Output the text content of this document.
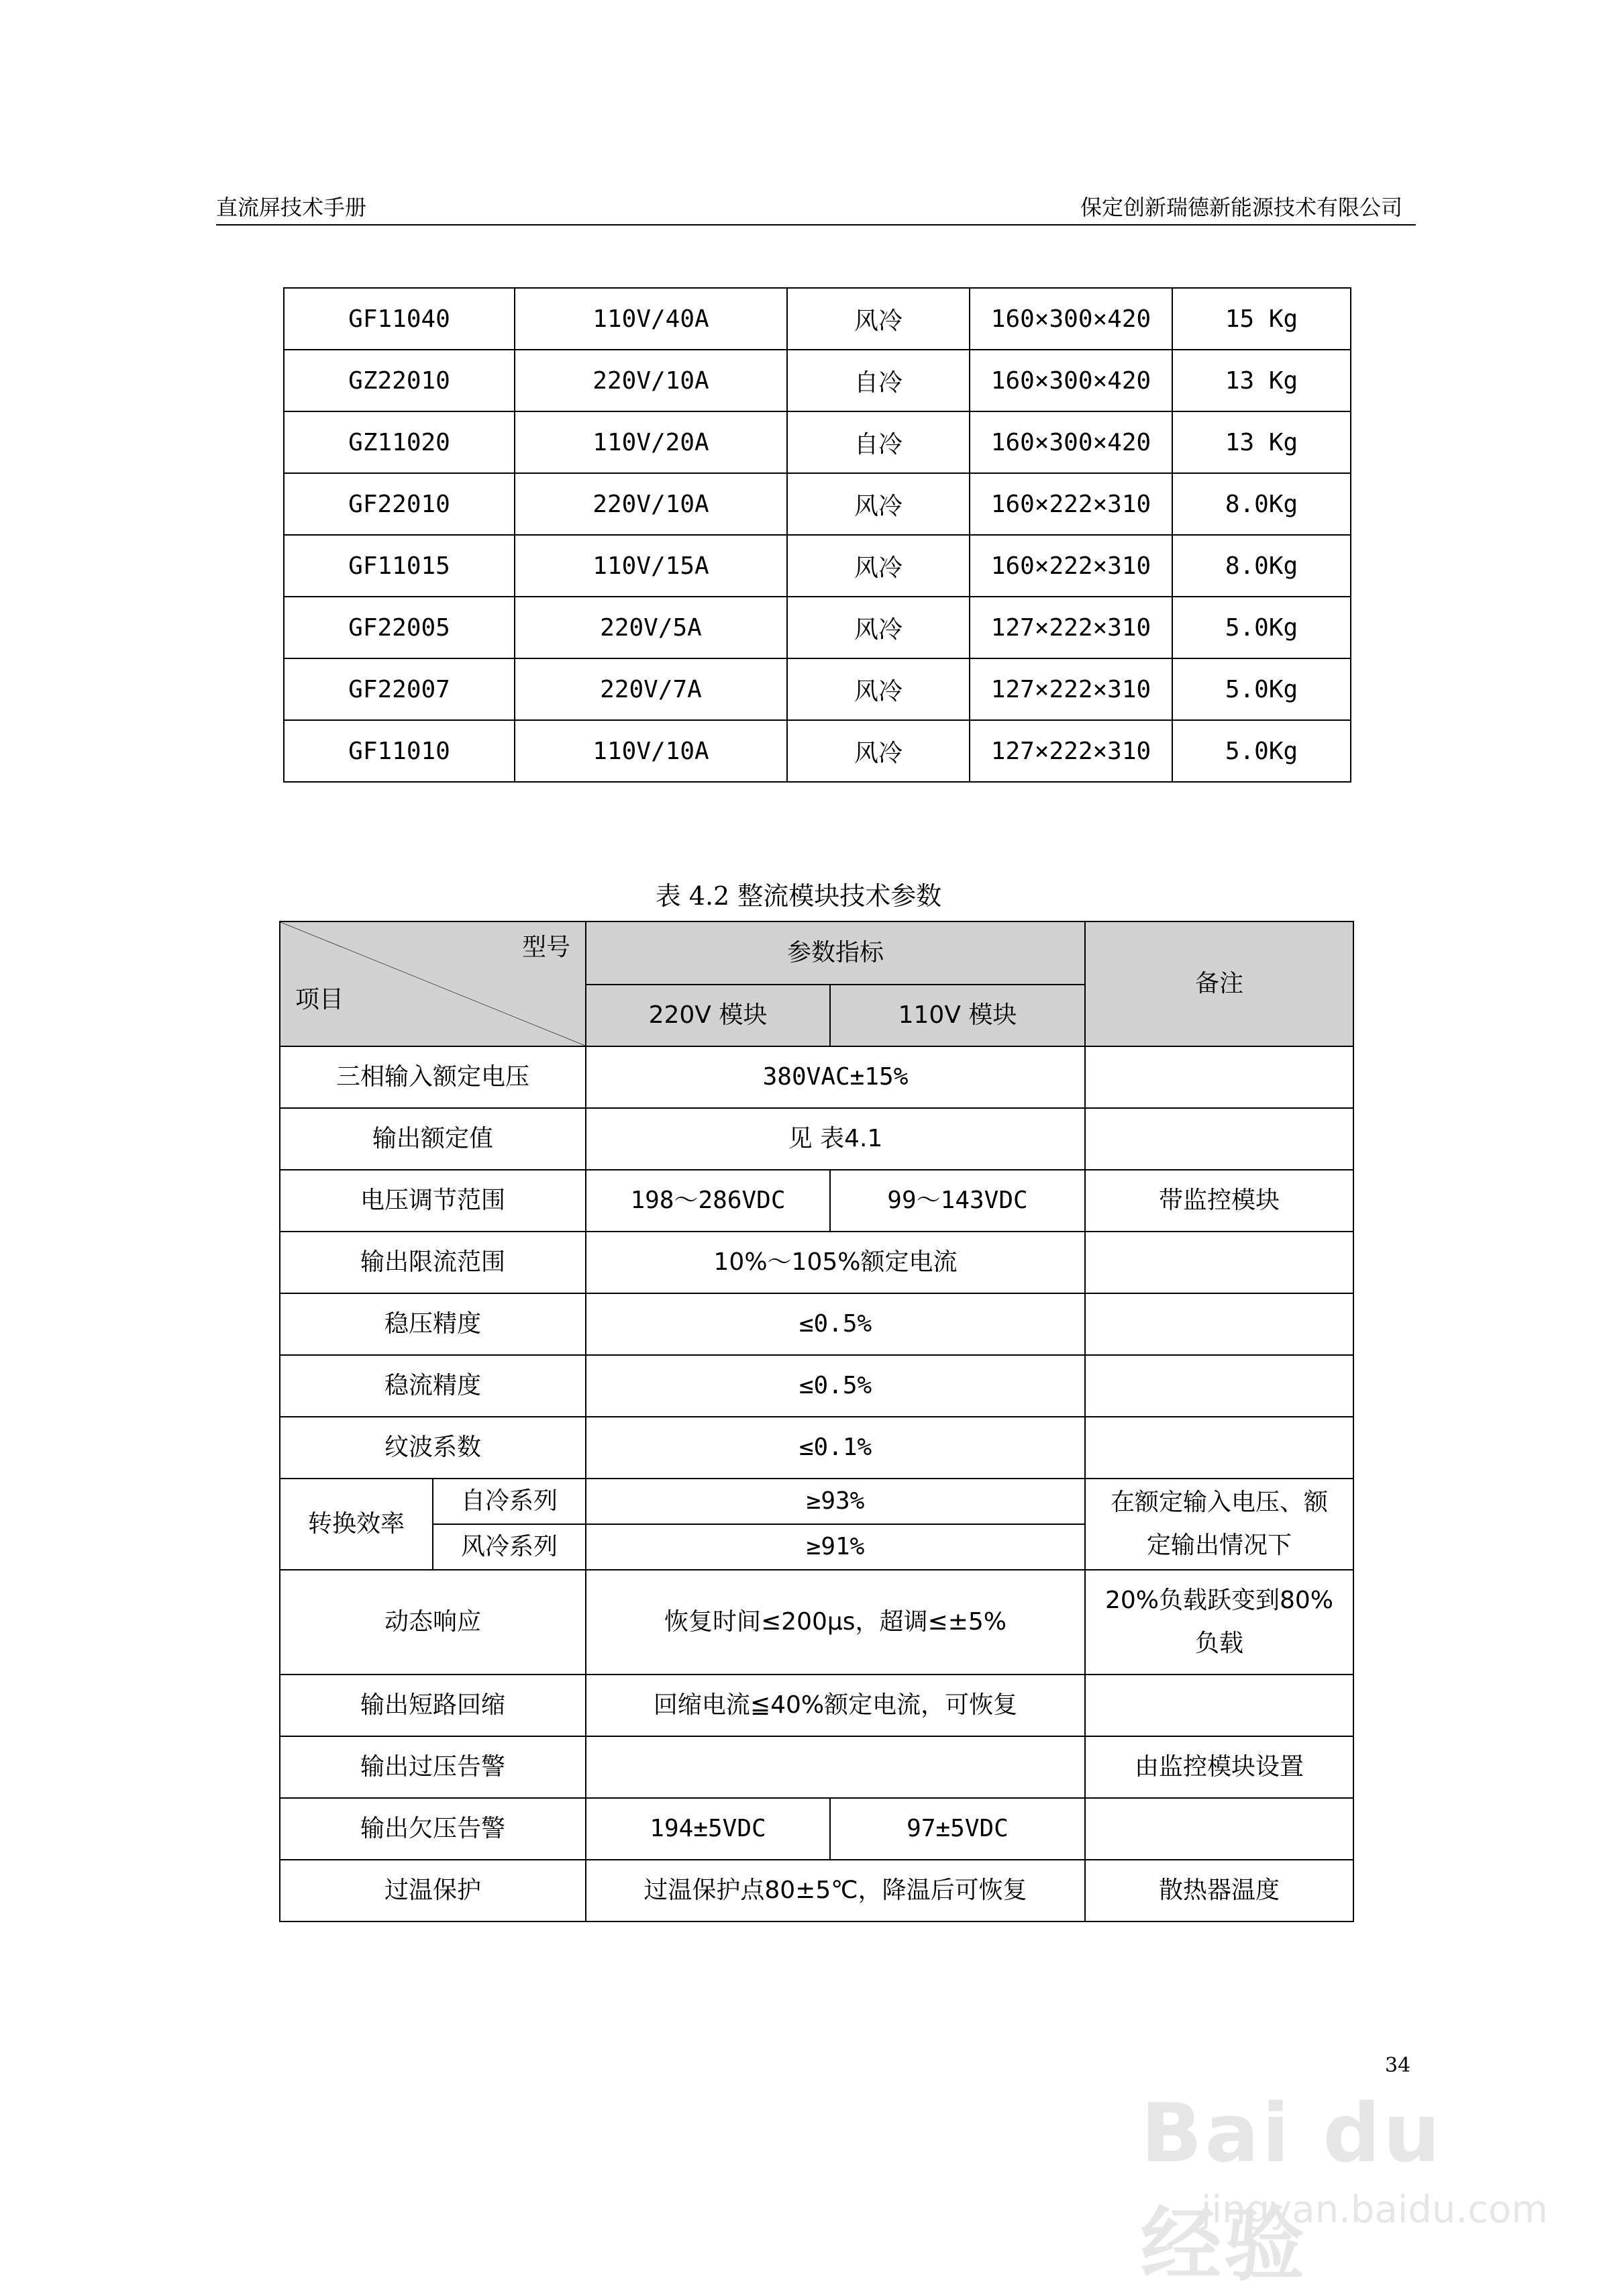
直流屏技术手册	保定创新瑞德新能源技术有限公司
GF11040	110V/40A	风冷	160×300×420	15 Kg
GZ22010	220V/10A	自冷	160×300×420	13 Kg
GZ11020	110V/20A	自冷	160×300×420	13 Kg
GF22010	220V/10A	风冷	160×222×310	8.0Kg
GF11015	110V/15A	风冷	160×222×310	8.0Kg
GF22005	220V/5A	风冷	127×222×310	5.0Kg
GF22007	220V/7A	风冷	127×222×310	5.0Kg
GF11010	110V/10A	风冷	127×222×310	5.0Kg
表 4.2 整流模块技术参数
型号
项目		参数指标		备注
		220V 模块	110V 模块	
三相输入额定电压		380VAC±15%		
输出额定值		见 表4.1		
电压调节范围		198～286VDC	99～143VDC	带监控模块
输出限流范围		10%～105%额定电流		
稳压精度		≤0.5%		
稳流精度		≤0.5%		
纹波系数		≤0.1%		
转换效率	自冷系列	≥93%		在额定输入电压、额
定输出情况下

	风冷系列	≥91%		
动态响应		恢复时间≤200μs，超调≤±5%		20%负载跃变到80%
负载

输出短路回缩		回缩电流≦40%额定电流，可恢复		
输出过压告警				由监控模块设置
输出欠压告警		194±5VDC	97±5VDC	
过温保护		过温保护点80±5℃，降温后可恢复		散热器温度
34
Bai du 经验
jingyan.baidu.com
